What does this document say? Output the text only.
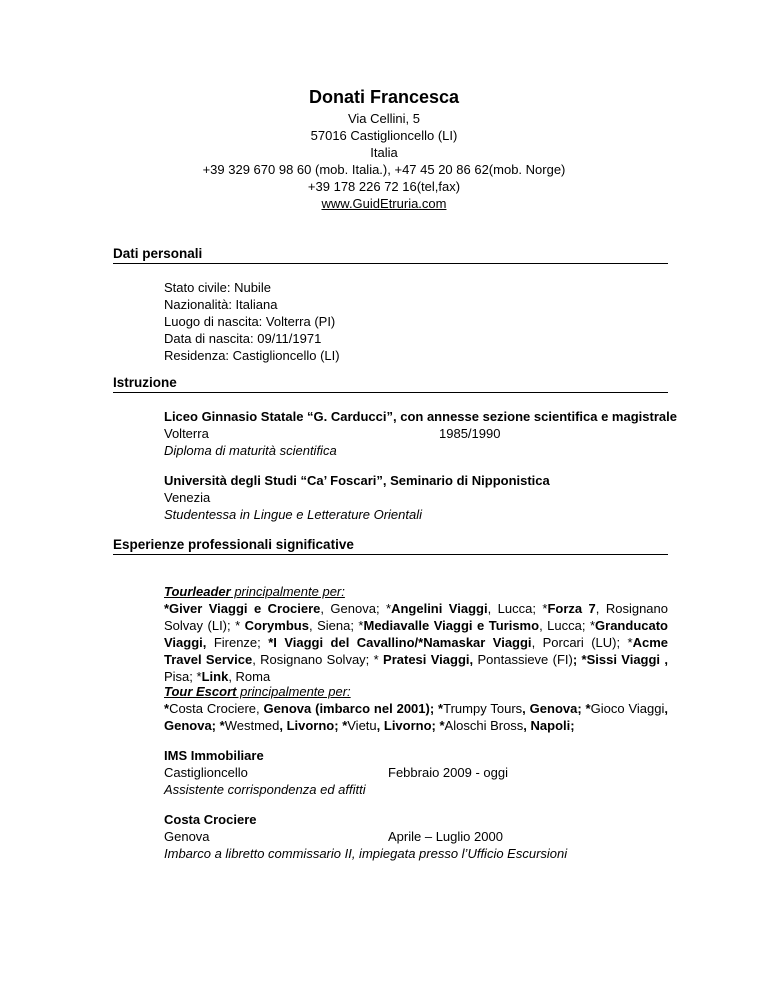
Donati Francesca
Via Cellini, 5
57016 Castiglioncello (LI)
Italia
+39 329 670 98 60 (mob. Italia.), +47 45 20 86 62(mob. Norge)
+39 178 226 72 16(tel,fax)
www.GuidEtruria.com
Dati personali
Stato civile: Nubile
Nazionalità: Italiana
Luogo di nascita: Volterra (PI)
Data di nascita: 09/11/1971
Residenza: Castiglioncello (LI)
Istruzione
Liceo Ginnasio Statale “G. Carducci”, con annesse sezione scientifica e magistrale
Volterra	1985/1990
Diploma di maturità scientifica
Università degli Studi “Ca’ Foscari”, Seminario di Nipponistica
Venezia
Studentessa in Lingue e Letterature Orientali
Esperienze professionali significative
Tourleader principalmente per:
*Giver Viaggi e Crociere, Genova; *Angelini Viaggi, Lucca; *Forza 7, Rosignano Solvay (LI); * Corymbus, Siena; *Mediavalle Viaggi e Turismo, Lucca; *Granducato Viaggi, Firenze; *I Viaggi del Cavallino/*Namaskar Viaggi, Porcari (LU); *Acme Travel Service, Rosignano Solvay; * Pratesi Viaggi, Pontassieve (FI); *Sissi Viaggi , Pisa; *Link, Roma
Tour Escort principalmente per:
*Costa Crociere, Genova (imbarco nel 2001); *Trumpy Tours, Genova; *Gioco Viaggi, Genova; *Westmed, Livorno; *Vietu, Livorno; *Aloschi Bross, Napoli;
IMS Immobiliare
Castiglioncello	Febbraio 2009 - oggi
Assistente corrispondenza ed affitti
Costa Crociere
Genova	Aprile – Luglio 2000
Imbarco a libretto commissario II, impiegata presso l’Ufficio Escursioni
